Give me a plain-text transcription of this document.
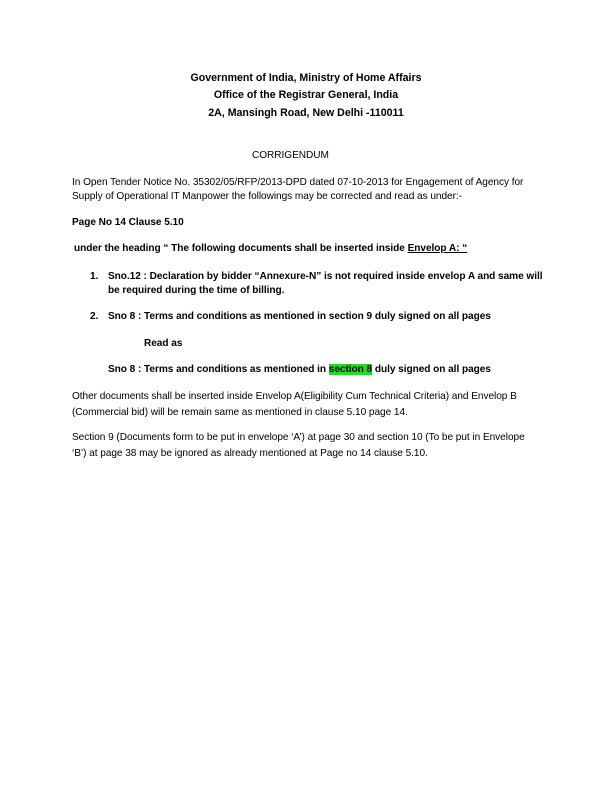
Government of India, Ministry of Home Affairs
Office of the Registrar General, India
2A, Mansingh Road, New Delhi -110011
CORRIGENDUM
In Open Tender Notice No. 35302/05/RFP/2013-DPD dated 07-10-2013 for Engagement of Agency for
Supply of Operational IT Manpower the followings may be corrected and read as under:-
Page No 14 Clause 5.10
under the heading “ The following documents shall be inserted inside Envelop A: “
1. Sno.12 : Declaration by bidder “Annexure-N” is not required inside envelop A and same will
be required during the time of billing.
2. Sno 8 : Terms and conditions as mentioned in section 9 duly signed on all pages
Read as
Sno 8 : Terms and conditions as mentioned in section 8 duly signed on all pages
Other documents shall be inserted inside Envelop A(Eligibility Cum Technical Criteria) and Envelop B
(Commercial bid) will be remain same as mentioned in clause 5.10 page 14.
Section 9 (Documents form to be put in envelope ‘A’) at page 30 and section 10 (To be put in Envelope
‘B’) at page 38 may be ignored as already mentioned at Page no 14 clause 5.10.
